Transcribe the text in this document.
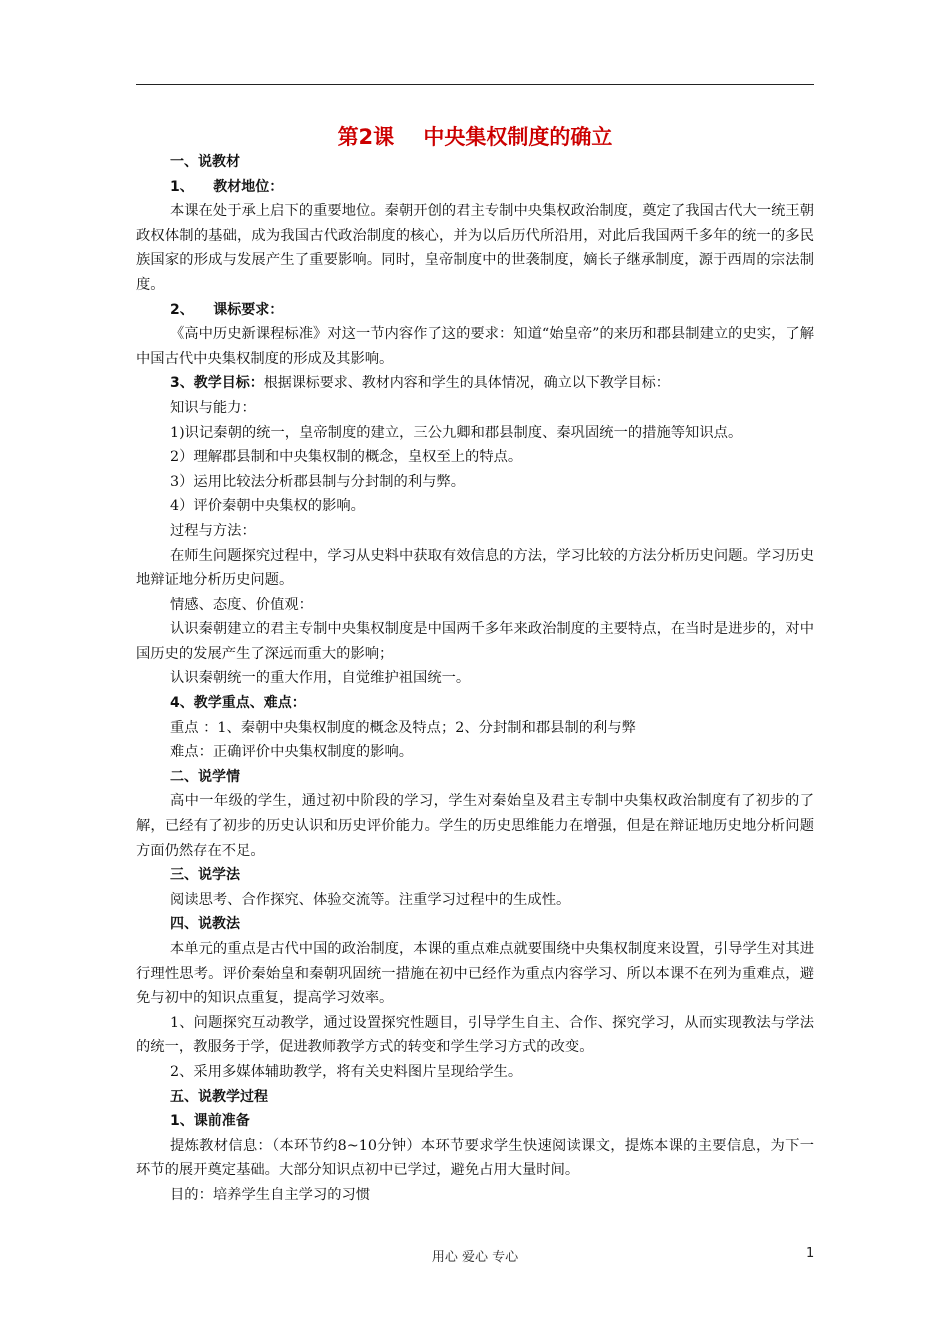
第2课    中央集权制度的确立

一、说教材

1、    教材地位：

本课在处于承上启下的重要地位。秦朝开创的君主专制中央集权政治制度，奠定了我国古代大一统王朝政权体制的基础，成为我国古代政治制度的核心，并为以后历代所沿用，对此后我国两千多年的统一的多民族国家的形成与发展产生了重要影响。同时，皇帝制度中的世袭制度，嫡长子继承制度，源于西周的宗法制度。

2、    课标要求：

《高中历史新课程标准》对这一节内容作了这的要求：知道“始皇帝”的来历和郡县制建立的史实，了解中国古代中央集权制度的形成及其影响。

3、教学目标：根据课标要求、教材内容和学生的具体情况，确立以下教学目标：

知识与能力：

1)识记秦朝的统一，皇帝制度的建立，三公九卿和郡县制度、秦巩固统一的措施等知识点。

2）理解郡县制和中央集权制的概念，皇权至上的特点。

3）运用比较法分析郡县制与分封制的利与弊。

4）评价秦朝中央集权的影响。

过程与方法：

在师生问题探究过程中，学习从史料中获取有效信息的方法，学习比较的方法分析历史问题。学习历史地辩证地分析历史问题。

情感、态度、价值观：

认识秦朝建立的君主专制中央集权制度是中国两千多年来政治制度的主要特点，在当时是进步的，对中国历史的发展产生了深远而重大的影响；

认识秦朝统一的重大作用，自觉维护祖国统一。

4、教学重点、难点：

重点 ：1、秦朝中央集权制度的概念及特点；2、分封制和郡县制的利与弊

难点：正确评价中央集权制度的影响。

二、说学情

高中一年级的学生，通过初中阶段的学习，学生对秦始皇及君主专制中央集权政治制度有了初步的了解，已经有了初步的历史认识和历史评价能力。学生的历史思维能力在增强，但是在辩证地历史地分析问题方面仍然存在不足。

三、说学法

阅读思考、合作探究、体验交流等。注重学习过程中的生成性。

四、说教法

本单元的重点是古代中国的政治制度，本课的重点难点就要围绕中央集权制度来设置，引导学生对其进行理性思考。评价秦始皇和秦朝巩固统一措施在初中已经作为重点内容学习、所以本课不在列为重难点，避免与初中的知识点重复，提高学习效率。

1、问题探究互动教学，通过设置探究性题目，引导学生自主、合作、探究学习，从而实现教法与学法的统一，教服务于学，促进教师教学方式的转变和学生学习方式的改变。

2、采用多媒体辅助教学，将有关史料图片呈现给学生。

五、说教学过程

1、课前准备

提炼教材信息：（本环节约8~10分钟）本环节要求学生快速阅读课文，提炼本课的主要信息，为下一环节的展开奠定基础。大部分知识点初中已学过，避免占用大量时间。

目的：培养学生自主学习的习惯

用心 爱心 专心	1
